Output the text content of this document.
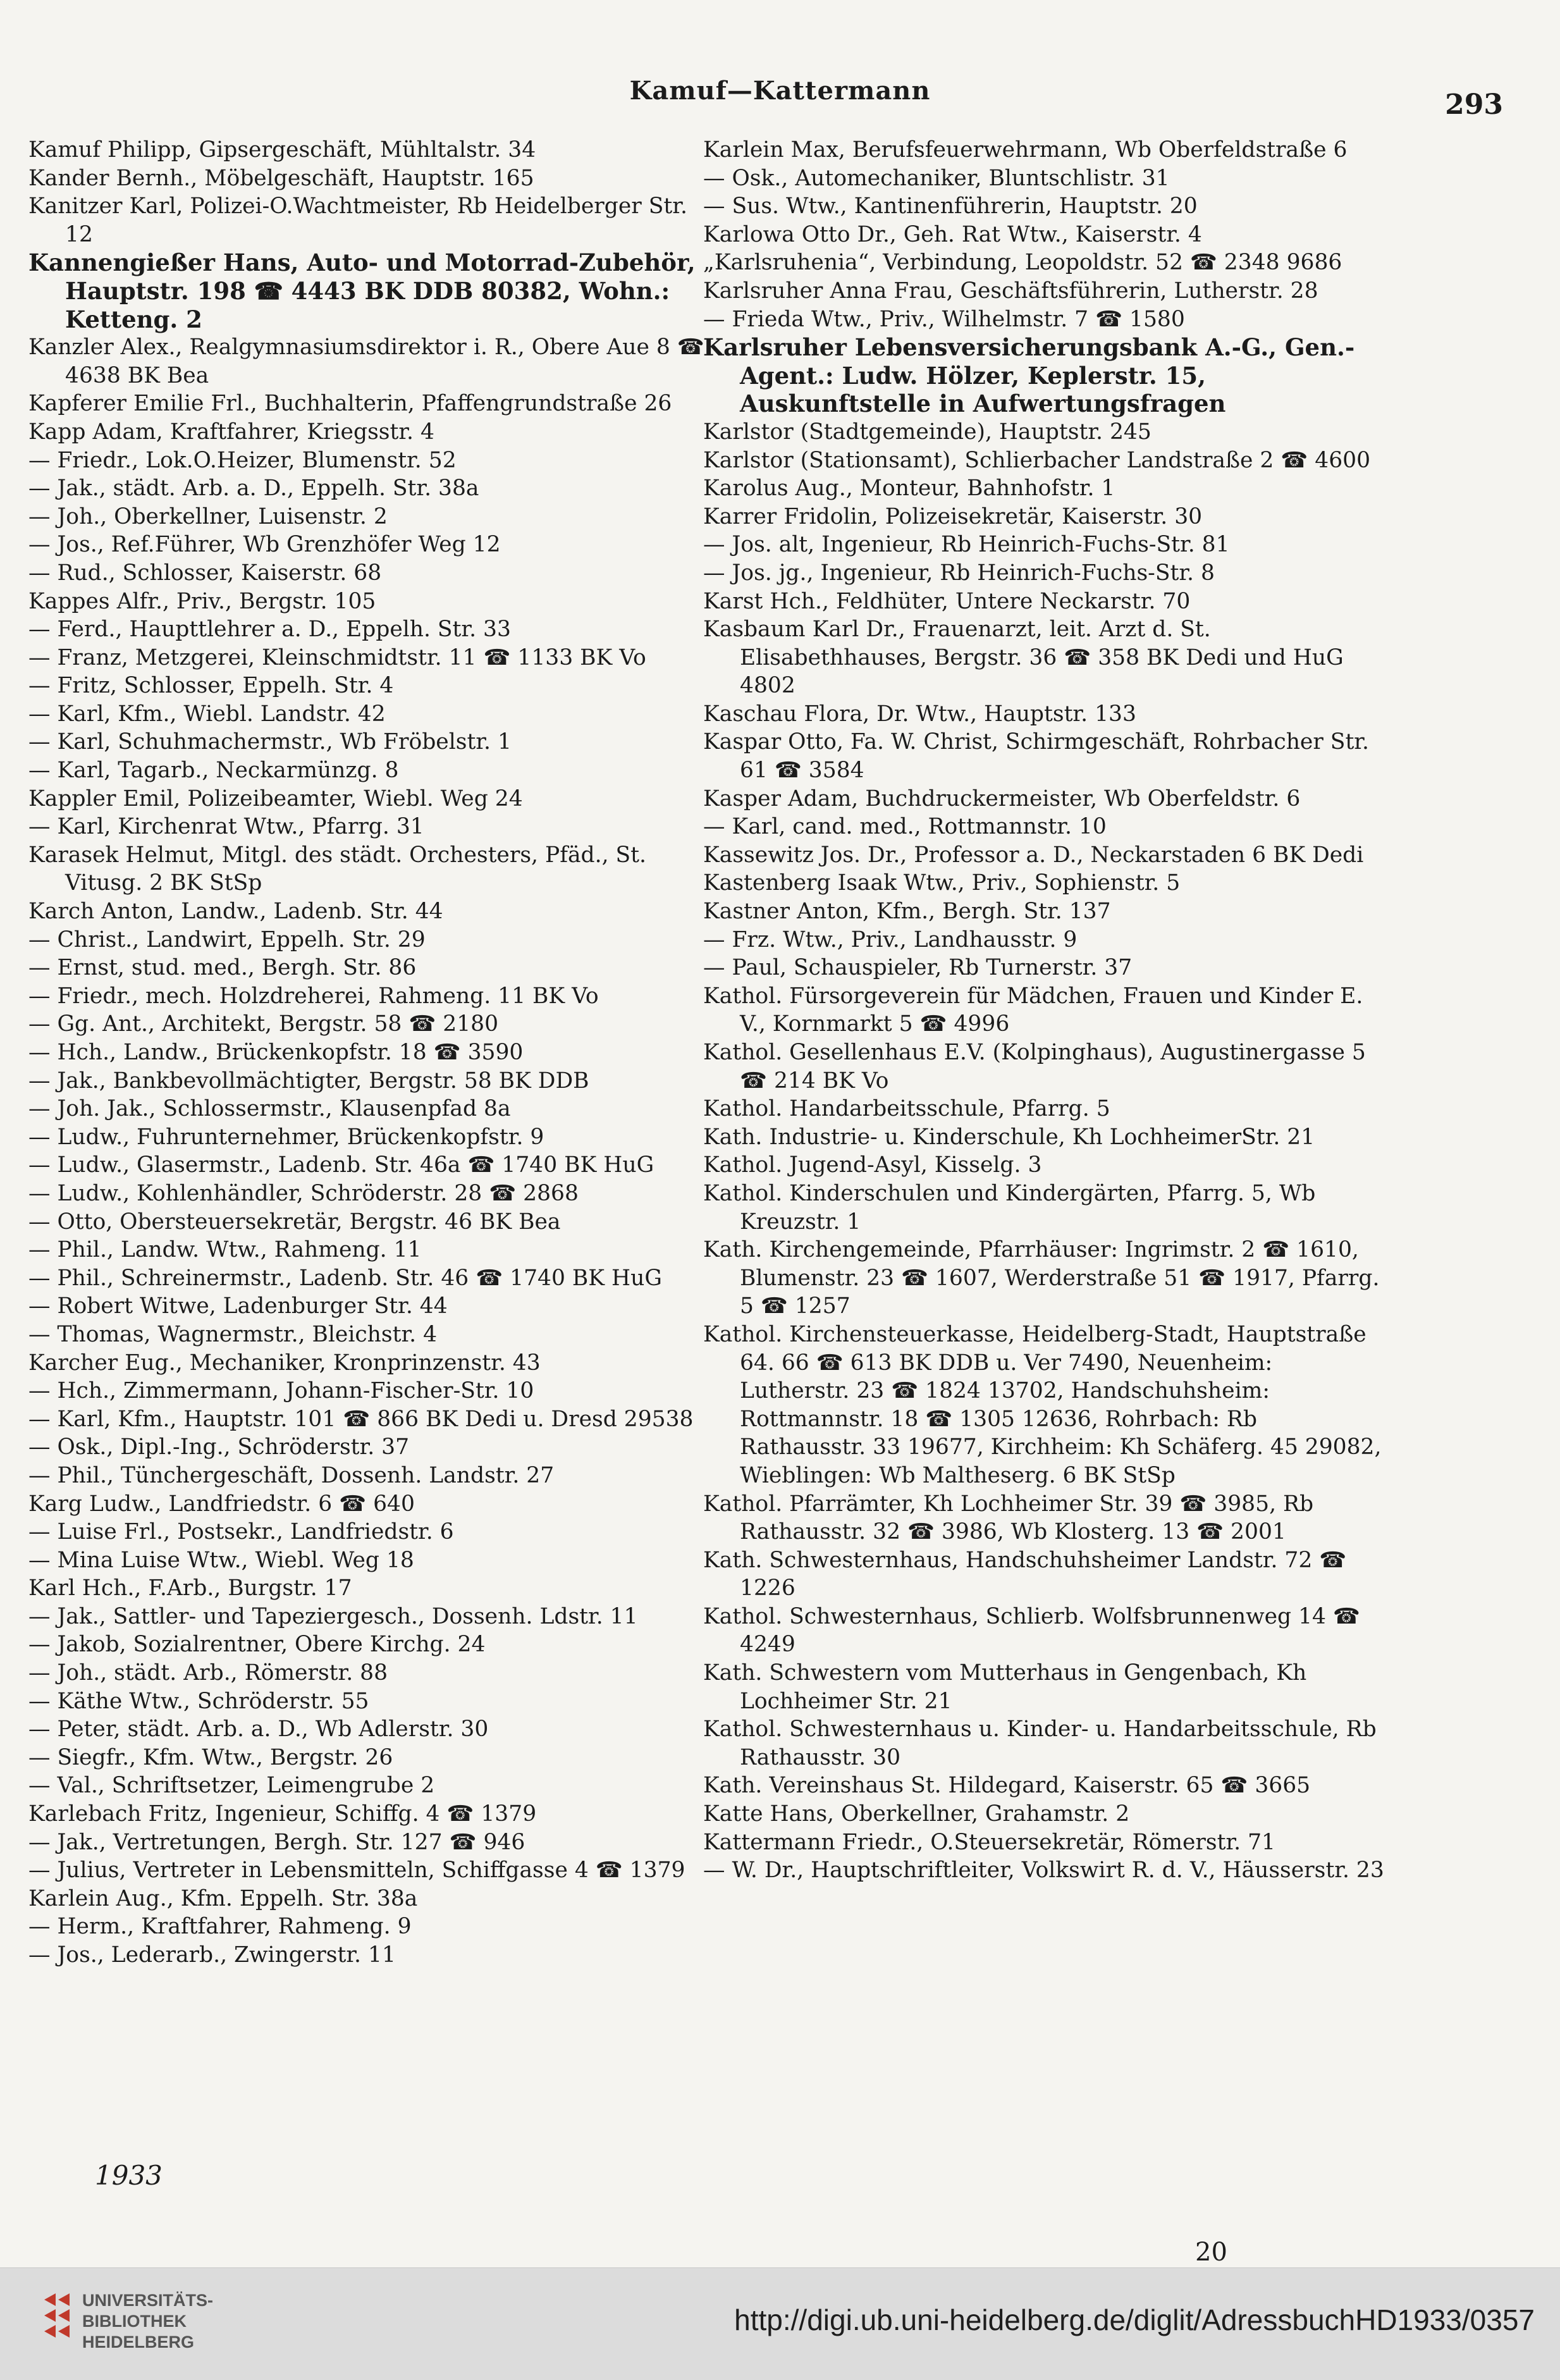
Kamuf—Kattermann	293

Kamuf Philipp, Gipsergeschäft, Mühltalstr. 34

Kander Bernh., Möbelgeschäft, Hauptstr. 165

Kanitzer Karl, Polizei-O.Wachtmeister, Rb Heidelberger Str. 12

Kannengießer Hans, Auto- und Motorrad-Zubehör, Hauptstr. 198 ☎ 4443 BK DDB 80382, Wohn.: Ketteng. 2

Kanzler Alex., Realgymnasiumsdirektor i. R., Obere Aue 8 ☎ 4638 BK Bea

Kapferer Emilie Frl., Buchhalterin, Pfaffengrundstraße 26

Kapp Adam, Kraftfahrer, Kriegsstr. 4

— Friedr., Lok.O.Heizer, Blumenstr. 52

— Jak., städt. Arb. a. D., Eppelh. Str. 38a

— Joh., Oberkellner, Luisenstr. 2

— Jos., Ref.Führer, Wb Grenzhöfer Weg 12

— Rud., Schlosser, Kaiserstr. 68

Kappes Alfr., Priv., Bergstr. 105

— Ferd., Haupttlehrer a. D., Eppelh. Str. 33

— Franz, Metzgerei, Kleinschmidtstr. 11 ☎ 1133 BK Vo

— Fritz, Schlosser, Eppelh. Str. 4

— Karl, Kfm., Wiebl. Landstr. 42

— Karl, Schuhmachermstr., Wb Fröbelstr. 1

— Karl, Tagarb., Neckarmünzg. 8

Kappler Emil, Polizeibeamter, Wiebl. Weg 24

— Karl, Kirchenrat Wtw., Pfarrg. 31

Karasek Helmut, Mitgl. des städt. Orchesters, Pfäd., St. Vitusg. 2 BK StSp

Karch Anton, Landw., Ladenb. Str. 44

— Christ., Landwirt, Eppelh. Str. 29

— Ernst, stud. med., Bergh. Str. 86

— Friedr., mech. Holzdreherei, Rahmeng. 11 BK Vo

— Gg. Ant., Architekt, Bergstr. 58 ☎ 2180

— Hch., Landw., Brückenkopfstr. 18 ☎ 3590

— Jak., Bankbevollmächtigter, Bergstr. 58 BK DDB

— Joh. Jak., Schlossermstr., Klausenpfad 8a

— Ludw., Fuhrunternehmer, Brückenkopfstr. 9

— Ludw., Glasermstr., Ladenb. Str. 46a ☎ 1740 BK HuG

— Ludw., Kohlenhändler, Schröderstr. 28 ☎ 2868

— Otto, Obersteuersekretär, Bergstr. 46 BK Bea

— Phil., Landw. Wtw., Rahmeng. 11

— Phil., Schreinermstr., Ladenb. Str. 46 ☎ 1740 BK HuG

— Robert Witwe, Ladenburger Str. 44

— Thomas, Wagnermstr., Bleichstr. 4

Karcher Eug., Mechaniker, Kronprinzenstr. 43

— Hch., Zimmermann, Johann-Fischer-Str. 10

— Karl, Kfm., Hauptstr. 101 ☎ 866 BK Dedi u. Dresd 29538

— Osk., Dipl.-Ing., Schröderstr. 37

— Phil., Tünchergeschäft, Dossenh. Landstr. 27

Karg Ludw., Landfriedstr. 6 ☎ 640

— Luise Frl., Postsekr., Landfriedstr. 6

— Mina Luise Wtw., Wiebl. Weg 18

Karl Hch., F.Arb., Burgstr. 17

— Jak., Sattler- und Tapeziergesch., Dossenh. Ldstr. 11

— Jakob, Sozialrentner, Obere Kirchg. 24

— Joh., städt. Arb., Römerstr. 88

— Käthe Wtw., Schröderstr. 55

— Peter, städt. Arb. a. D., Wb Adlerstr. 30

— Siegfr., Kfm. Wtw., Bergstr. 26

— Val., Schriftsetzer, Leimengrube 2

Karlebach Fritz, Ingenieur, Schiffg. 4 ☎ 1379

— Jak., Vertretungen, Bergh. Str. 127 ☎ 946

— Julius, Vertreter in Lebensmitteln, Schiffgasse 4 ☎ 1379

Karlein Aug., Kfm. Eppelh. Str. 38a

— Herm., Kraftfahrer, Rahmeng. 9

— Jos., Lederarb., Zwingerstr. 11

Karlein Max, Berufsfeuerwehrmann, Wb Oberfeldstraße 6

— Osk., Automechaniker, Bluntschlistr. 31

— Sus. Wtw., Kantinenführerin, Hauptstr. 20

Karlowa Otto Dr., Geh. Rat Wtw., Kaiserstr. 4

„Karlsruhenia“, Verbindung, Leopoldstr. 52 ☎ 2348 9686

Karlsruher Anna Frau, Geschäftsführerin, Lutherstr. 28

— Frieda Wtw., Priv., Wilhelmstr. 7 ☎ 1580

Karlsruher Lebensversicherungsbank A.-G., Gen.-Agent.: Ludw. Hölzer, Keplerstr. 15, Auskunftstelle in Aufwertungsfragen

Karlstor (Stadtgemeinde), Hauptstr. 245

Karlstor (Stationsamt), Schlierbacher Landstraße 2 ☎ 4600

Karolus Aug., Monteur, Bahnhofstr. 1

Karrer Fridolin, Polizeisekretär, Kaiserstr. 30

— Jos. alt, Ingenieur, Rb Heinrich-Fuchs-Str. 81

— Jos. jg., Ingenieur, Rb Heinrich-Fuchs-Str. 8

Karst Hch., Feldhüter, Untere Neckarstr. 70

Kasbaum Karl Dr., Frauenarzt, leit. Arzt d. St. Elisabethhauses, Bergstr. 36 ☎ 358 BK Dedi und HuG 4802

Kaschau Flora, Dr. Wtw., Hauptstr. 133

Kaspar Otto, Fa. W. Christ, Schirmgeschäft, Rohrbacher Str. 61 ☎ 3584

Kasper Adam, Buchdruckermeister, Wb Oberfeldstr. 6

— Karl, cand. med., Rottmannstr. 10

Kassewitz Jos. Dr., Professor a. D., Neckarstaden 6 BK Dedi

Kastenberg Isaak Wtw., Priv., Sophienstr. 5

Kastner Anton, Kfm., Bergh. Str. 137

— Frz. Wtw., Priv., Landhausstr. 9

— Paul, Schauspieler, Rb Turnerstr. 37

Kathol. Fürsorgeverein für Mädchen, Frauen und Kinder E. V., Kornmarkt 5 ☎ 4996

Kathol. Gesellenhaus E.V. (Kolpinghaus), Augustinergasse 5 ☎ 214 BK Vo

Kathol. Handarbeitsschule, Pfarrg. 5

Kath. Industrie- u. Kinderschule, Kh LochheimerStr. 21

Kathol. Jugend-Asyl, Kisselg. 3

Kathol. Kinderschulen und Kindergärten, Pfarrg. 5, Wb Kreuzstr. 1

Kath. Kirchengemeinde, Pfarrhäuser: Ingrimstr. 2 ☎ 1610, Blumenstr. 23 ☎ 1607, Werderstraße 51 ☎ 1917, Pfarrg. 5 ☎ 1257

Kathol. Kirchensteuerkasse, Heidelberg-Stadt, Hauptstraße 64. 66 ☎ 613 BK DDB u. Ver 7490, Neuenheim: Lutherstr. 23 ☎ 1824 13702, Handschuhsheim: Rottmannstr. 18 ☎ 1305 12636, Rohrbach: Rb Rathausstr. 33 19677, Kirchheim: Kh Schäferg. 45 29082, Wieblingen: Wb Maltheserg. 6 BK StSp

Kathol. Pfarrämter, Kh Lochheimer Str. 39 ☎ 3985, Rb Rathausstr. 32 ☎ 3986, Wb Klosterg. 13 ☎ 2001

Kath. Schwesternhaus, Handschuhsheimer Landstr. 72 ☎ 1226

Kathol. Schwesternhaus, Schlierb. Wolfsbrunnenweg 14 ☎ 4249

Kath. Schwestern vom Mutterhaus in Gengenbach, Kh Lochheimer Str. 21

Kathol. Schwesternhaus u. Kinder- u. Handarbeitsschule, Rb Rathausstr. 30

Kath. Vereinshaus St. Hildegard, Kaiserstr. 65 ☎ 3665

Katte Hans, Oberkellner, Grahamstr. 2

Kattermann Friedr., O.Steuersekretär, Römerstr. 71

— W. Dr., Hauptschriftleiter, Volkswirt R. d. V., Häusserstr. 23

1933
20
UNIVERSITÄTS-
BIBLIOTHEK
HEIDELBERG
http://digi.ub.uni-heidelberg.de/diglit/AdressbuchHD1933/0357
